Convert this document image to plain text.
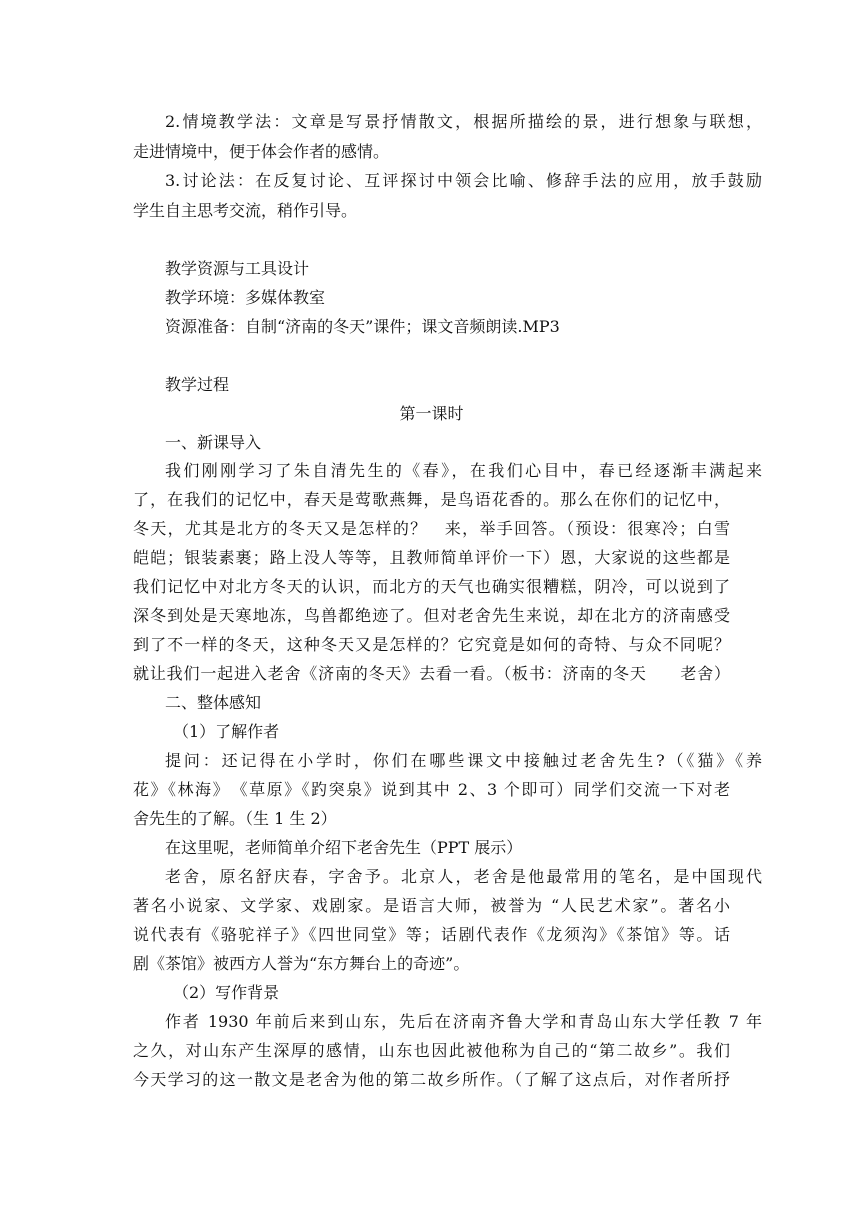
2.情境教学法：文章是写景抒情散文，根据所描绘的景，进行想象与联想，
走进情境中，便于体会作者的感情。
3.讨论法：在反复讨论、互评探讨中领会比喻、修辞手法的应用，放手鼓励
学生自主思考交流，稍作引导。
教学资源与工具设计
教学环境：多媒体教室
资源准备：自制“济南的冬天”课件；课文音频朗读.MP3
教学过程
第一课时
一、新课导入
我们刚刚学习了朱自清先生的《春》，在我们心目中，春已经逐渐丰满起来
了，在我们的记忆中，春天是莺歌燕舞，是鸟语花香的。那么在你们的记忆中，
冬天，尤其是北方的冬天又是怎样的？　来，举手回答。（预设：很寒冷；白雪
皑皑；银装素裹；路上没人等等，且教师简单评价一下）恩，大家说的这些都是
我们记忆中对北方冬天的认识，而北方的天气也确实很糟糕，阴冷，可以说到了
深冬到处是天寒地冻，鸟兽都绝迹了。但对老舍先生来说，却在北方的济南感受
到了不一样的冬天，这种冬天又是怎样的？它究竟是如何的奇特、与众不同呢？
就让我们一起进入老舍《济南的冬天》去看一看。（板书：济南的冬天　　老舍）
二、整体感知
（1）了解作者
提问：还记得在小学时，你们在哪些课文中接触过老舍先生?（《猫》《养
花》《林海》　《草原》《趵突泉》说到其中 2、3 个即可）同学们交流一下对老
舍先生的了解。（生 1 生 2）
在这里呢，老师简单介绍下老舍先生（PPT 展示）
老舍，原名舒庆春，字舍予。北京人，老舍是他最常用的笔名，是中国现代
著名小说家、文学家、戏剧家。是语言大师，被誉为 “人民艺术家”。著名小
说代表有《骆驼祥子》《四世同堂》等；话剧代表作《龙须沟》《茶馆》等。话
剧《茶馆》被西方人誉为“东方舞台上的奇迹”。
（2）写作背景
作者 1930 年前后来到山东，先后在济南齐鲁大学和青岛山东大学任教 7 年
之久，对山东产生深厚的感情，山东也因此被他称为自己的“第二故乡”。我们
今天学习的这一散文是老舍为他的第二故乡所作。（了解了这点后，对作者所抒
